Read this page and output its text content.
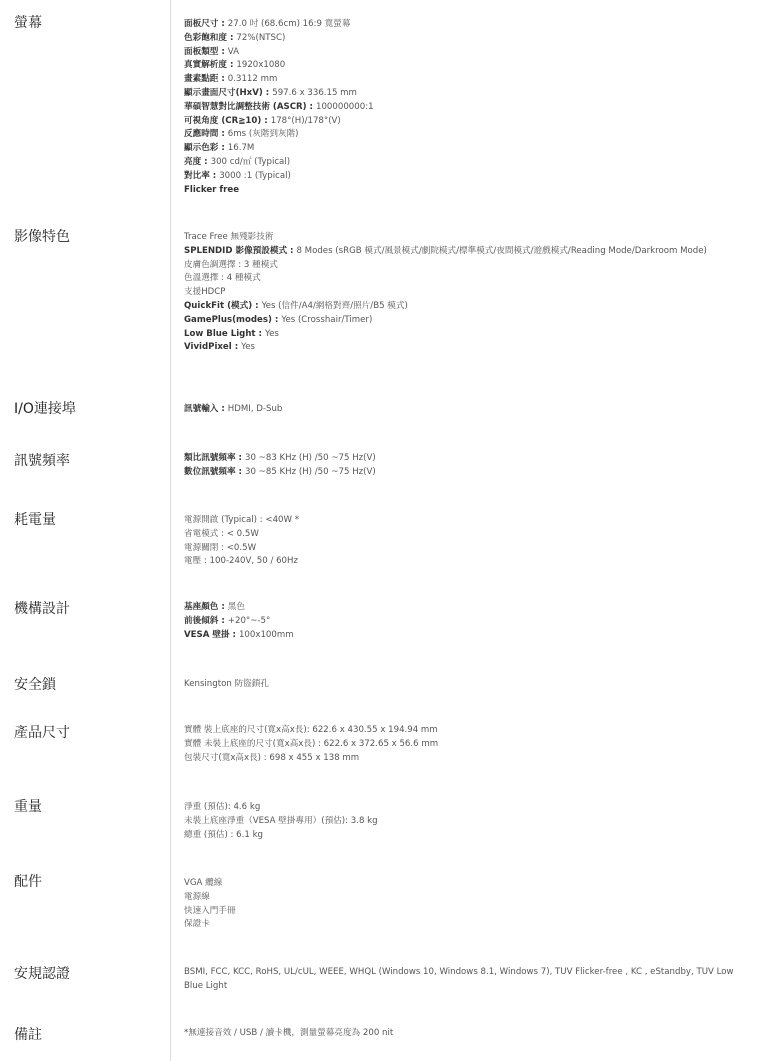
螢幕	面板尺寸 : 27.0 吋 (68.6cm) 16:9 寬螢幕
色彩飽和度 : 72%(NTSC)
面板類型 : VA
真實解析度 : 1920x1080
畫素點距 : 0.3112 mm
顯示畫面尺寸(HxV) : 597.6 x 336.15 mm
華碩智慧對比調整技術 (ASCR) : 100000000:1
可視角度 (CR≧10) : 178°(H)/178°(V)
反應時間 : 6ms (灰階到灰階)
顯示色彩 : 16.7M
亮度 : 300 cd/㎡ (Typical)
對比率 : 3000 :1 (Typical)
Flicker free
影像特色	Trace Free 無殘影技術
SPLENDID 影像預設模式 : 8 Modes (sRGB 模式/風景模式/劇院模式/標準模式/夜間模式/遊戲模式/Reading Mode/Darkroom Mode)
皮膚色調選擇 : 3 種模式
色溫選擇 : 4 種模式
支援HDCP
QuickFit (模式) : Yes (信件/A4/網格對齊/照片/B5 模式)
GamePlus(modes) : Yes (Crosshair/Timer)
Low Blue Light : Yes
VividPixel : Yes
I/O連接埠	訊號輸入 : HDMI, D-Sub
訊號頻率	類比訊號頻率 : 30 ~83 KHz (H) /50 ~75 Hz(V)
數位訊號頻率 : 30 ~85 KHz (H) /50 ~75 Hz(V)
耗電量	電源開啟 (Typical) : <40W *
省電模式 : < 0.5W
電源關閉 : <0.5W
電壓 : 100-240V, 50 / 60Hz
機構設計	基座顏色 : 黑色
前後傾斜 : +20°~-5°
VESA 壁掛 : 100x100mm
安全鎖	Kensington 防盜鎖孔
產品尺寸	實體 裝上底座的尺寸(寬x高x長): 622.6 x 430.55 x 194.94 mm
實體 未裝上底座的尺寸(寬x高x長) : 622.6 x 372.65 x 56.6 mm
包裝尺寸(寬x高x長) : 698 x 455 x 138 mm
重量	淨重 (預估): 4.6 kg
未裝上底座淨重（VESA 壁掛專用）(預估): 3.8 kg
總重 (預估) : 6.1 kg
配件	VGA 纜線
電源線
快速入門手冊
保證卡
安規認證	BSMI, FCC, KCC, RoHS, UL/cUL, WEEE, WHQL (Windows 10, Windows 8.1, Windows 7), TUV Flicker-free , KC , eStandby, TUV Low Blue Light
備註	*無連接音效 / USB / 讀卡機，測量螢幕亮度為 200 nit
